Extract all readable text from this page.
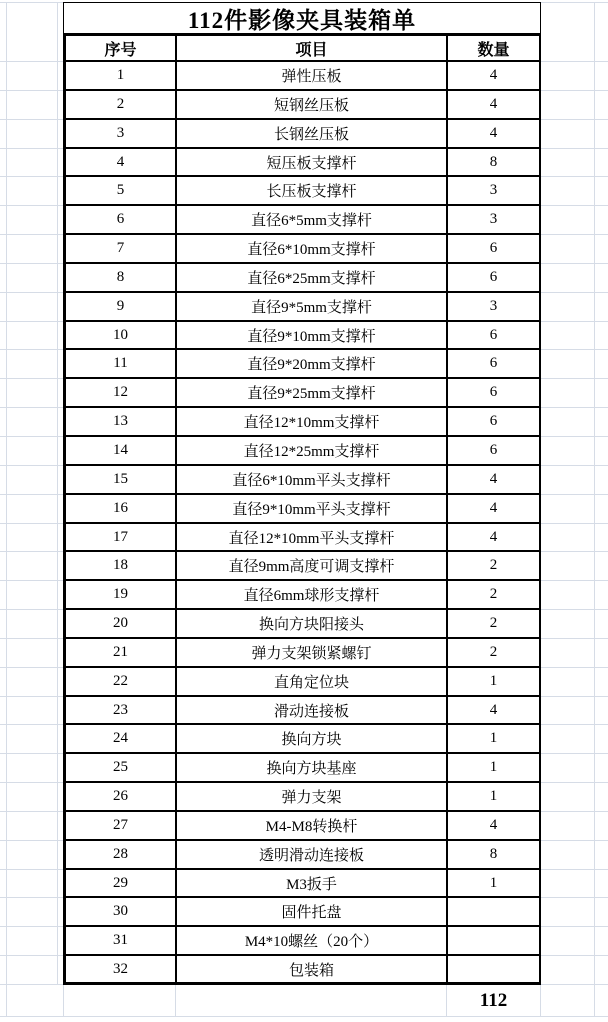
112件影像夹具装箱单
序号	项目	数量
1	弹性压板	4
2	短钢丝压板	4
3	长钢丝压板	4
4	短压板支撑杆	8
5	长压板支撑杆	3
6	直径6*5mm支撑杆	3
7	直径6*10mm支撑杆	6
8	直径6*25mm支撑杆	6
9	直径9*5mm支撑杆	3
10	直径9*10mm支撑杆	6
11	直径9*20mm支撑杆	6
12	直径9*25mm支撑杆	6
13	直径12*10mm支撑杆	6
14	直径12*25mm支撑杆	6
15	直径6*10mm平头支撑杆	4
16	直径9*10mm平头支撑杆	4
17	直径12*10mm平头支撑杆	4
18	直径9mm高度可调支撑杆	2
19	直径6mm球形支撑杆	2
20	换向方块阳接头	2
21	弹力支架锁紧螺钉	2
22	直角定位块	1
23	滑动连接板	4
24	换向方块	1
25	换向方块基座	1
26	弹力支架	1
27	M4-M8转换杆	4
28	透明滑动连接板	8
29	M3扳手	1
30	固件托盘
31	M4*10螺丝（20个）
32	包装箱
112
